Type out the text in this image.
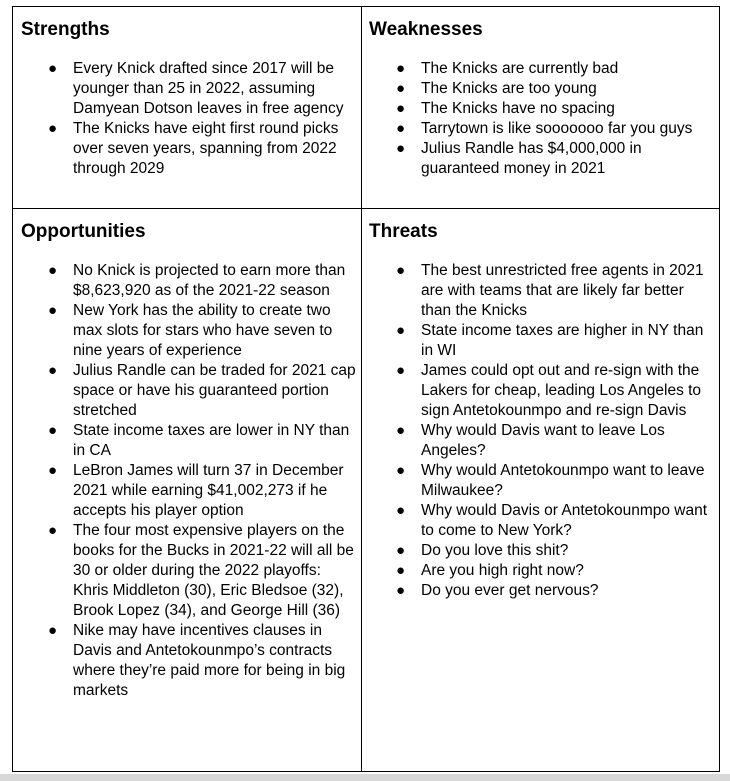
Strengths
● Every Knick drafted since 2017 will be younger than 25 in 2022, assuming Damyean Dotson leaves in free agency
● The Knicks have eight first round picks over seven years, spanning from 2022 through 2029
Weaknesses
● The Knicks are currently bad
● The Knicks are too young
● The Knicks have no spacing
● Tarrytown is like sooooooo far you guys
● Julius Randle has $4,000,000 in guaranteed money in 2021
Opportunities
● No Knick is projected to earn more than $8,623,920 as of the 2021-22 season
● New York has the ability to create two max slots for stars who have seven to nine years of experience
● Julius Randle can be traded for 2021 cap space or have his guaranteed portion stretched
● State income taxes are lower in NY than in CA
● LeBron James will turn 37 in December 2021 while earning $41,002,273 if he accepts his player option
● The four most expensive players on the books for the Bucks in 2021-22 will all be 30 or older during the 2022 playoffs: Khris Middleton (30), Eric Bledsoe (32), Brook Lopez (34), and George Hill (36)
● Nike may have incentives clauses in Davis and Antetokounmpo’s contracts where they’re paid more for being in big markets
Threats
● The best unrestricted free agents in 2021 are with teams that are likely far better than the Knicks
● State income taxes are higher in NY than in WI
● James could opt out and re-sign with the Lakers for cheap, leading Los Angeles to sign Antetokounmpo and re-sign Davis
● Why would Davis want to leave Los Angeles?
● Why would Antetokounmpo want to leave Milwaukee?
● Why would Davis or Antetokounmpo want to come to New York?
● Do you love this shit?
● Are you high right now?
● Do you ever get nervous?
